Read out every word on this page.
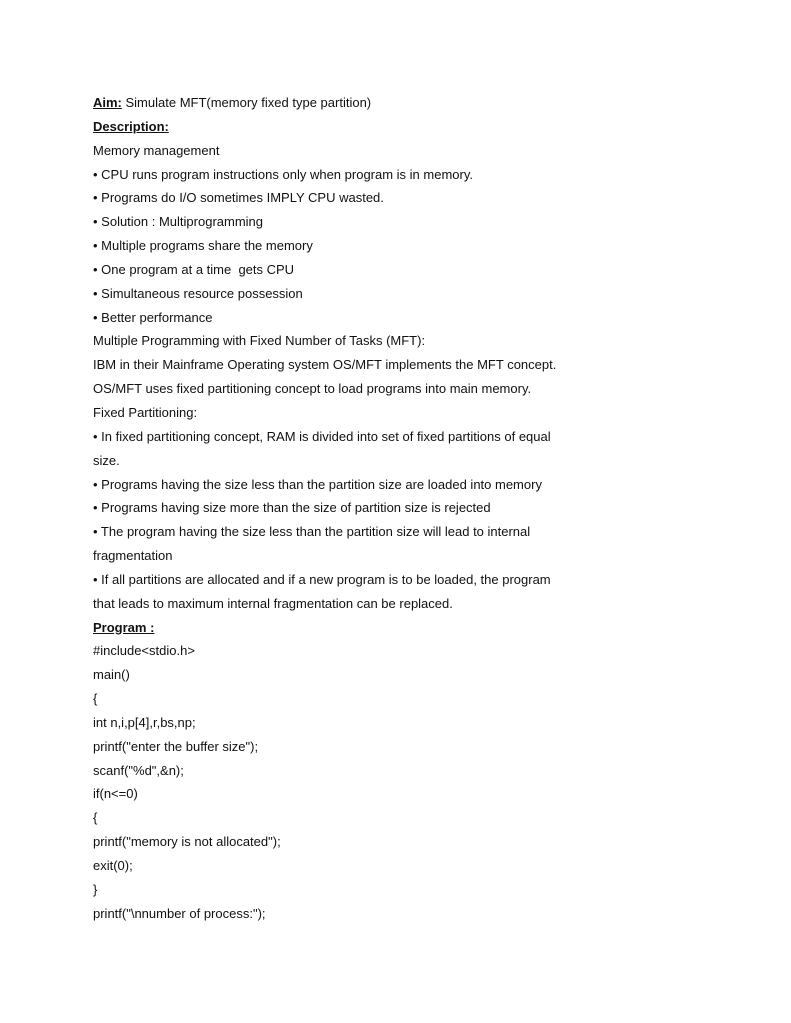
Aim: Simulate MFT(memory fixed type partition)
Description:
Memory management
• CPU runs program instructions only when program is in memory.
• Programs do I/O sometimes IMPLY CPU wasted.
• Solution : Multiprogramming
• Multiple programs share the memory
• One program at a time  gets CPU
• Simultaneous resource possession
• Better performance
Multiple Programming with Fixed Number of Tasks (MFT):
IBM in their Mainframe Operating system OS/MFT implements the MFT concept.
OS/MFT uses fixed partitioning concept to load programs into main memory.
Fixed Partitioning:
• In fixed partitioning concept, RAM is divided into set of fixed partitions of equal
size.
• Programs having the size less than the partition size are loaded into memory
• Programs having size more than the size of partition size is rejected
• The program having the size less than the partition size will lead to internal
fragmentation
• If all partitions are allocated and if a new program is to be loaded, the program
that leads to maximum internal fragmentation can be replaced.
Program :
#include<stdio.h>
main()
{
int n,i,p[4],r,bs,np;
printf("enter the buffer size");
scanf("%d",&n);
if(n<=0)
{
printf("memory is not allocated");
exit(0);
}
printf("\nnumber of process:");
